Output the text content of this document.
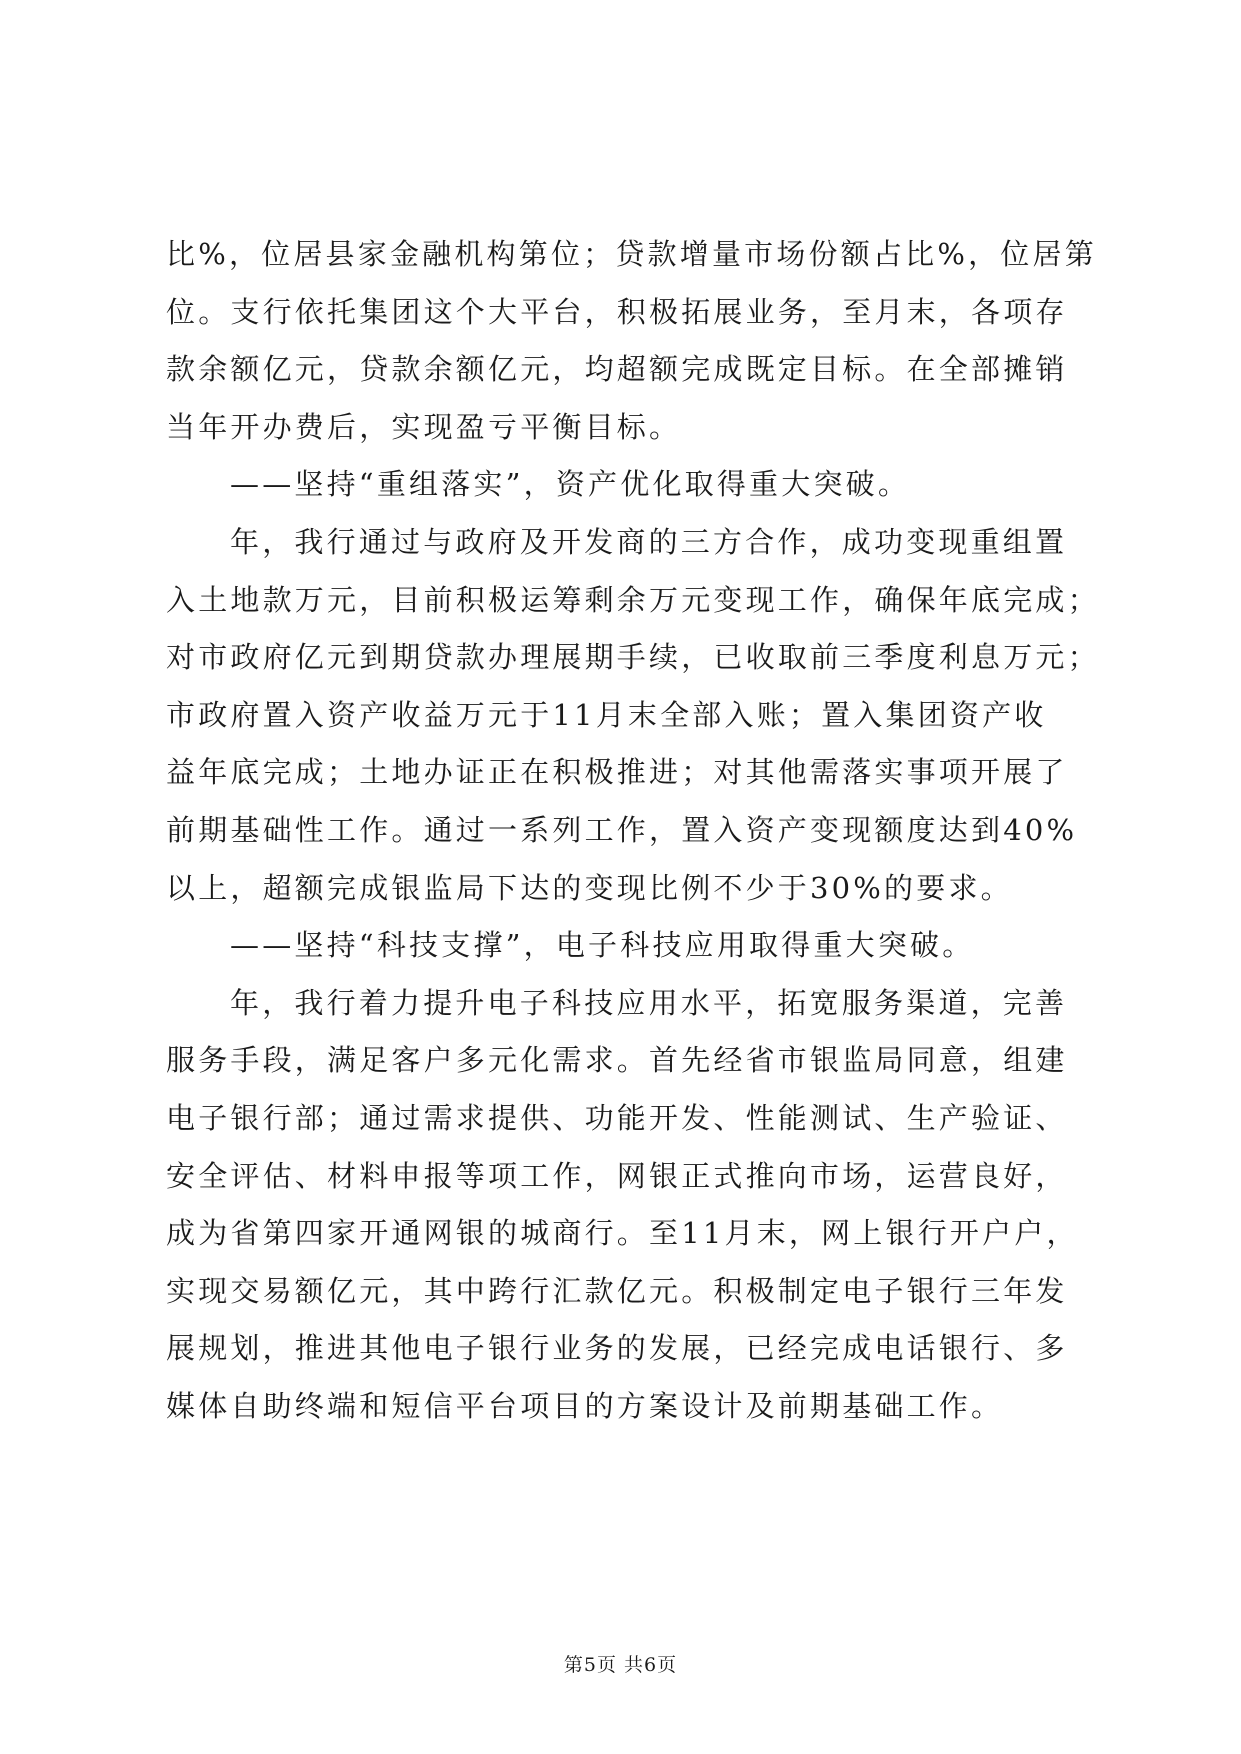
比%，位居县家金融机构第位；贷款增量市场份额占比%，位居第
位。支行依托集团这个大平台，积极拓展业务，至月末，各项存
款余额亿元，贷款余额亿元，均超额完成既定目标。在全部摊销
当年开办费后，实现盈亏平衡目标。
——坚持“重组落实”，资产优化取得重大突破。
年，我行通过与政府及开发商的三方合作，成功变现重组置
入土地款万元，目前积极运筹剩余万元变现工作，确保年底完成；
对市政府亿元到期贷款办理展期手续，已收取前三季度利息万元；
市政府置入资产收益万元于11月末全部入账；置入集团资产收
益年底完成；土地办证正在积极推进；对其他需落实事项开展了
前期基础性工作。通过一系列工作，置入资产变现额度达到40%
以上，超额完成银监局下达的变现比例不少于30%的要求。
——坚持“科技支撑”，电子科技应用取得重大突破。
年，我行着力提升电子科技应用水平，拓宽服务渠道，完善
服务手段，满足客户多元化需求。首先经省市银监局同意，组建
电子银行部；通过需求提供、功能开发、性能测试、生产验证、
安全评估、材料申报等项工作，网银正式推向市场，运营良好，
成为省第四家开通网银的城商行。至11月末，网上银行开户户，
实现交易额亿元，其中跨行汇款亿元。积极制定电子银行三年发
展规划，推进其他电子银行业务的发展，已经完成电话银行、多
媒体自助终端和短信平台项目的方案设计及前期基础工作。
第5页 共6页
